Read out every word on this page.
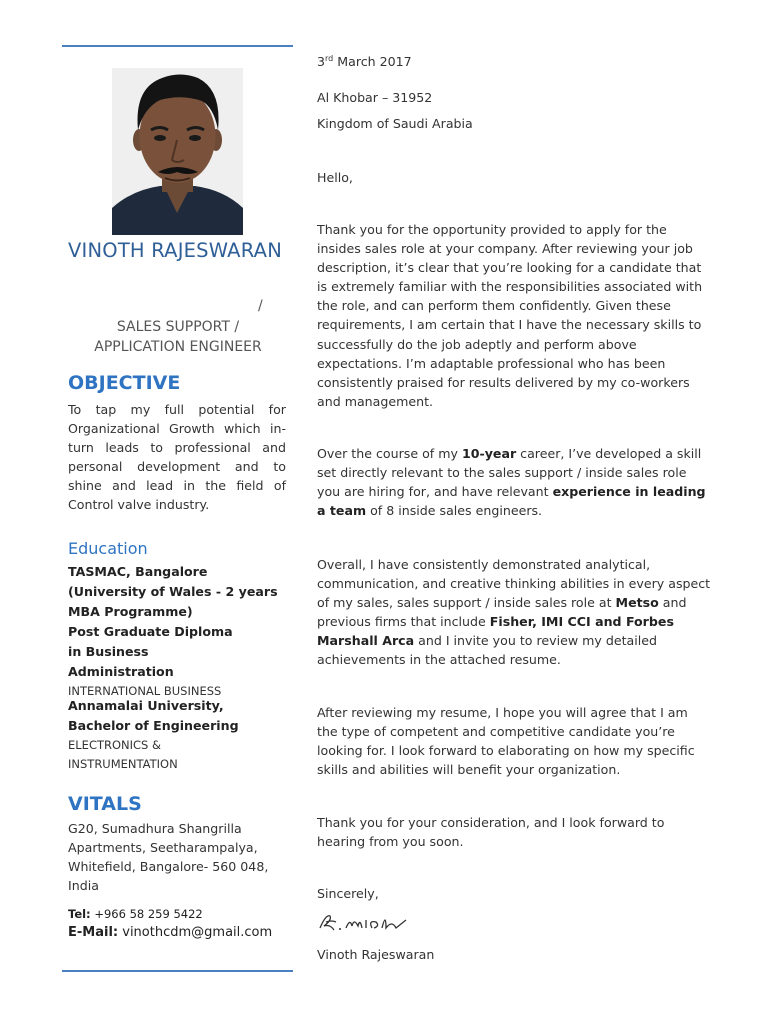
VINOTH RAJESWARAN
/
SALES SUPPORT /
APPLICATION ENGINEER
OBJECTIVE
To tap my full potential for Organizational Growth which in-turn leads to professional and personal development and to shine and lead in the field of Control valve industry.
Education
TASMAC, Bangalore
(University of Wales - 2 years MBA Programme)
Post Graduate Diploma in Business Administration
INTERNATIONAL BUSINESS
Annamalai University,
Bachelor of Engineering
ELECTRONICS &
INSTRUMENTATION
VITALS
G20, Sumadhura Shangrilla Apartments, Seetharampalya, Whitefield, Bangalore- 560 048, India
Tel: +966 58 259 5422
E-Mail: vinothcdm@gmail.com
3rd March 2017
Al Khobar – 31952
Kingdom of Saudi Arabia
Hello,
Thank you for the opportunity provided to apply for the insides sales role at your company. After reviewing your job description, it’s clear that you’re looking for a candidate that is extremely familiar with the responsibilities associated with the role, and can perform them confidently. Given these requirements, I am certain that I have the necessary skills to successfully do the job adeptly and perform above expectations. I’m adaptable professional who has been consistently praised for results delivered by my co-workers and management.
Over the course of my 10-year career, I’ve developed a skill set directly relevant to the sales support / inside sales role you are hiring for, and have relevant experience in leading a team of 8 inside sales engineers.
Overall, I have consistently demonstrated analytical, communication, and creative thinking abilities in every aspect of my sales, sales support / inside sales role at Metso and previous firms that include Fisher, IMI CCI and Forbes Marshall Arca and I invite you to review my detailed achievements in the attached resume.
After reviewing my resume, I hope you will agree that I am the type of competent and competitive candidate you’re looking for. I look forward to elaborating on how my specific skills and abilities will benefit your organization.
Thank you for your consideration, and I look forward to hearing from you soon.
Sincerely,
Vinoth Rajeswaran
